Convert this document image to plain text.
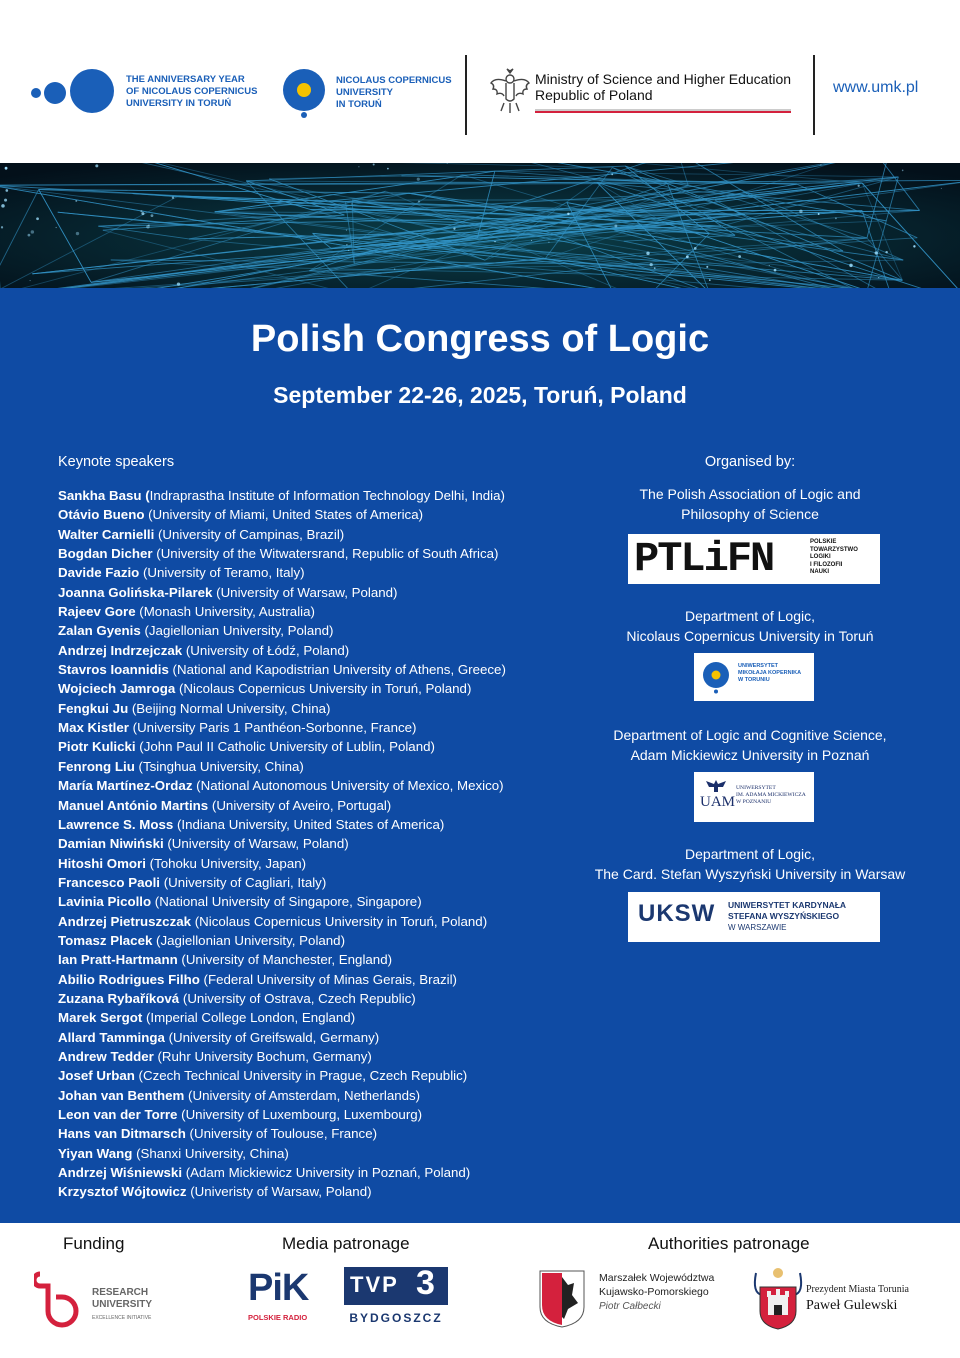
THE ANNIVERSARY YEAR
OF NICOLAUS COPERNICUS
UNIVERSITY IN TORUŃ
NICOLAUS COPERNICUS
UNIVERSITY
IN TORUŃ
Ministry of Science and Higher Education
Republic of Poland	www.umk.pl
Polish Congress of Logic
September 22-26, 2025, Toruń, Poland
Keynote speakers
Sankha Basu (Indraprastha Institute of Information Technology Delhi, India)
Otávio Bueno (University of Miami, United States of America)
Walter Carnielli (University of Campinas, Brazil)
Bogdan Dicher (University of the Witwatersrand, Republic of South Africa)
Davide Fazio (University of Teramo, Italy)
Joanna Golińska-Pilarek (University of Warsaw, Poland)
Rajeev Gore (Monash University, Australia)
Zalan Gyenis (Jagiellonian University, Poland)
Andrzej Indrzejczak (University of Łódź, Poland)
Stavros Ioannidis (National and Kapodistrian University of Athens, Greece)
Wojciech Jamroga (Nicolaus Copernicus University in Toruń, Poland)
Fengkui Ju (Beijing Normal University, China)
Max Kistler (University Paris 1 Panthéon-Sorbonne, France)
Piotr Kulicki (John Paul II Catholic University of Lublin, Poland)
Fenrong Liu (Tsinghua University, China)
María Martínez-Ordaz (National Autonomous University of Mexico, Mexico)
Manuel António Martins (University of Aveiro, Portugal)
Lawrence S. Moss (Indiana University, United States of America)
Damian Niwiński (University of Warsaw, Poland)
Hitoshi Omori (Tohoku University, Japan)
Francesco Paoli (University of Cagliari, Italy)
Lavinia Picollo (National University of Singapore, Singapore)
Andrzej Pietruszczak (Nicolaus Copernicus University in Toruń, Poland)
Tomasz Placek (Jagiellonian University, Poland)
Ian Pratt-Hartmann (University of Manchester, England)
Abilio Rodrigues Filho (Federal University of Minas Gerais, Brazil)
Zuzana Rybaříková (University of Ostrava, Czech Republic)
Marek Sergot (Imperial College London, England)
Allard Tamminga (University of Greifswald, Germany)
Andrew Tedder (Ruhr University Bochum, Germany)
Josef Urban (Czech Technical University in Prague, Czech Republic)
Johan van Benthem (University of Amsterdam, Netherlands)
Leon van der Torre (University of Luxembourg, Luxembourg)
Hans van Ditmarsch (University of Toulouse, France)
Yiyan Wang (Shanxi University, China)
Andrzej Wiśniewski (Adam Mickiewicz University in Poznań, Poland)
Krzysztof Wójtowicz (Univeristy of Warsaw, Poland)
Organised by:
The Polish Association of Logic and
Philosophy of Science
PTLiFN	POLSKIE
TOWARZYSTWO
LOGIKI
I FILOZOFII
NAUKI
Department of Logic,
Nicolaus Copernicus University in Toruń
UNIWERSYTET
MIKOŁAJA KOPERNIKA
W TORUNIU
Department of Logic and Cognitive Science,
Adam Mickiewicz University in Poznań
UAM
UNIWERSYTET
IM. ADAMA MICKIEWICZA
W POZNANIU
Department of Logic,
The Card. Stefan Wyszyński University in Warsaw
UKSW UNIWERSYTET KARDYNAŁA
STEFANA WYSZYŃSKIEGO
W WARSZAWIE
Funding	Media patronage	Authorities patronage
RESEARCH
UNIVERSITY
EXCELLENCE INITIATIVE
PiK
POLSKIE RADIO
TVP 3
BYDGOSZCZ
Marszałek Województwa
Kujawsko-Pomorskiego
Piotr Całbecki
Prezydent Miasta Torunia
Paweł Gulewski
